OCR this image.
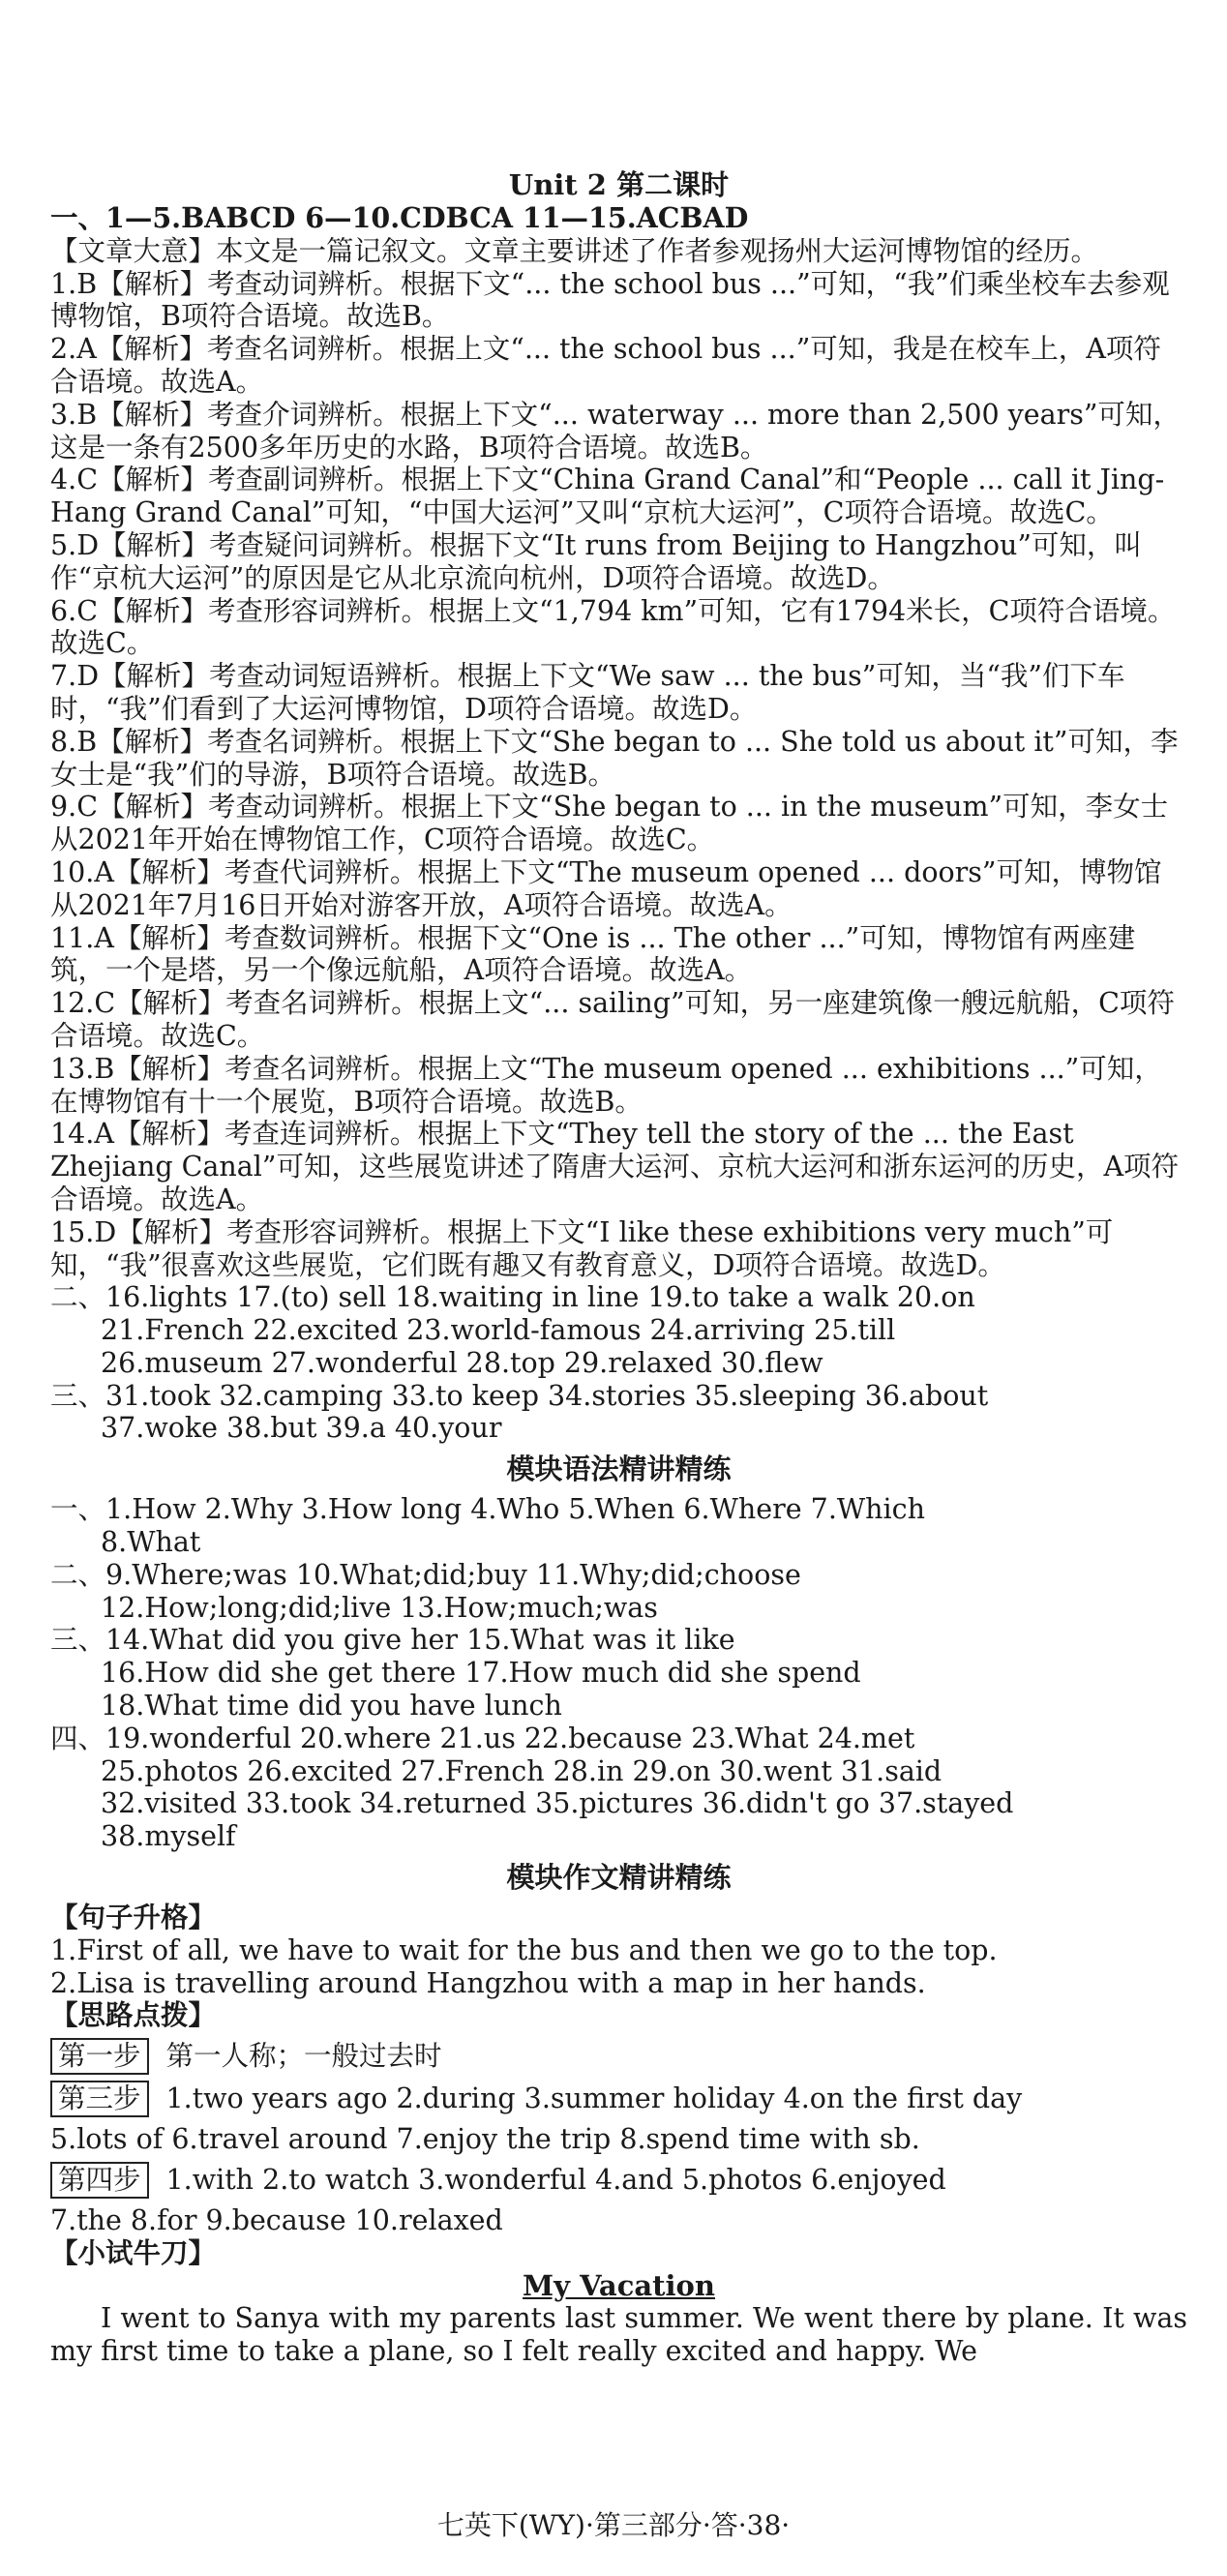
Unit 2 第二课时

一、1—5.BABCD 6—10.CDBCA 11—15.ACBAD

【文章大意】本文是一篇记叙文。文章主要讲述了作者参观扬州大运河博物馆的经历。

1.B【解析】考查动词辨析。根据下文“... the school bus ...”可知，“我”们乘坐校车去参观博物馆，B项符合语境。故选B。

2.A【解析】考查名词辨析。根据上文“... the school bus ...”可知，我是在校车上，A项符合语境。故选A。

3.B【解析】考查介词辨析。根据上下文“... waterway ... more than 2,500 years”可知，这是一条有2500多年历史的水路，B项符合语境。故选B。

4.C【解析】考查副词辨析。根据上下文“China Grand Canal”和“People ... call it Jing-Hang Grand Canal”可知，“中国大运河”又叫“京杭大运河”，C项符合语境。故选C。

5.D【解析】考查疑问词辨析。根据下文“It runs from Beijing to Hangzhou”可知，叫作“京杭大运河”的原因是它从北京流向杭州，D项符合语境。故选D。

6.C【解析】考查形容词辨析。根据上文“1,794 km”可知，它有1794米长，C项符合语境。故选C。

7.D【解析】考查动词短语辨析。根据上下文“We saw ... the bus”可知，当“我”们下车时，“我”们看到了大运河博物馆，D项符合语境。故选D。

8.B【解析】考查名词辨析。根据上下文“She began to ... She told us about it”可知，李女士是“我”们的导游，B项符合语境。故选B。

9.C【解析】考查动词辨析。根据上下文“She began to ... in the museum”可知，李女士从2021年开始在博物馆工作，C项符合语境。故选C。

10.A【解析】考查代词辨析。根据上下文“The museum opened ... doors”可知，博物馆从2021年7月16日开始对游客开放，A项符合语境。故选A。

11.A【解析】考查数词辨析。根据下文“One is ... The other ...”可知，博物馆有两座建筑，一个是塔，另一个像远航船，A项符合语境。故选A。

12.C【解析】考查名词辨析。根据上文“... sailing”可知，另一座建筑像一艘远航船，C项符合语境。故选C。

13.B【解析】考查名词辨析。根据上文“The museum opened ... exhibitions ...”可知，在博物馆有十一个展览，B项符合语境。故选B。

14.A【解析】考查连词辨析。根据上下文“They tell the story of the ... the East Zhejiang Canal”可知，这些展览讲述了隋唐大运河、京杭大运河和浙东运河的历史，A项符合语境。故选A。

15.D【解析】考查形容词辨析。根据上下文“I like these exhibitions very much”可知，“我”很喜欢这些展览，它们既有趣又有教育意义，D项符合语境。故选D。

二、16.lights 17.(to) sell 18.waiting in line 19.to take a walk 20.on

21.French 22.excited 23.world-famous 24.arriving 25.till

26.museum 27.wonderful 28.top 29.relaxed 30.flew

三、31.took 32.camping 33.to keep 34.stories 35.sleeping 36.about

37.woke 38.but 39.a 40.your

模块语法精讲精练

一、1.How 2.Why 3.How long 4.Who 5.When 6.Where 7.Which

8.What

二、9.Where;was 10.What;did;buy 11.Why;did;choose

12.How;long;did;live 13.How;much;was

三、14.What did you give her 15.What was it like

16.How did she get there 17.How much did she spend

18.What time did you have lunch

四、19.wonderful 20.where 21.us 22.because 23.What 24.met

25.photos 26.excited 27.French 28.in 29.on 30.went 31.said

32.visited 33.took 34.returned 35.pictures 36.didn't go 37.stayed

38.myself

模块作文精讲精练

【句子升格】

1.First of all, we have to wait for the bus and then we go to the top.

2.Lisa is travelling around Hangzhou with a map in her hands.

【思路点拨】

第一步 第一人称；一般过去时
第三步 1.two years ago 2.during 3.summer holiday 4.on the first day

5.lots of 6.travel around 7.enjoy the trip 8.spend time with sb.

第四步 1.with 2.to watch 3.wonderful 4.and 5.photos 6.enjoyed

7.the 8.for 9.because 10.relaxed

【小试牛刀】

My Vacation

I went to Sanya with my parents last summer. We went there by plane. It was my first time to take a plane, so I felt really excited and happy. We

七英下(WY)·第三部分·答·38·
